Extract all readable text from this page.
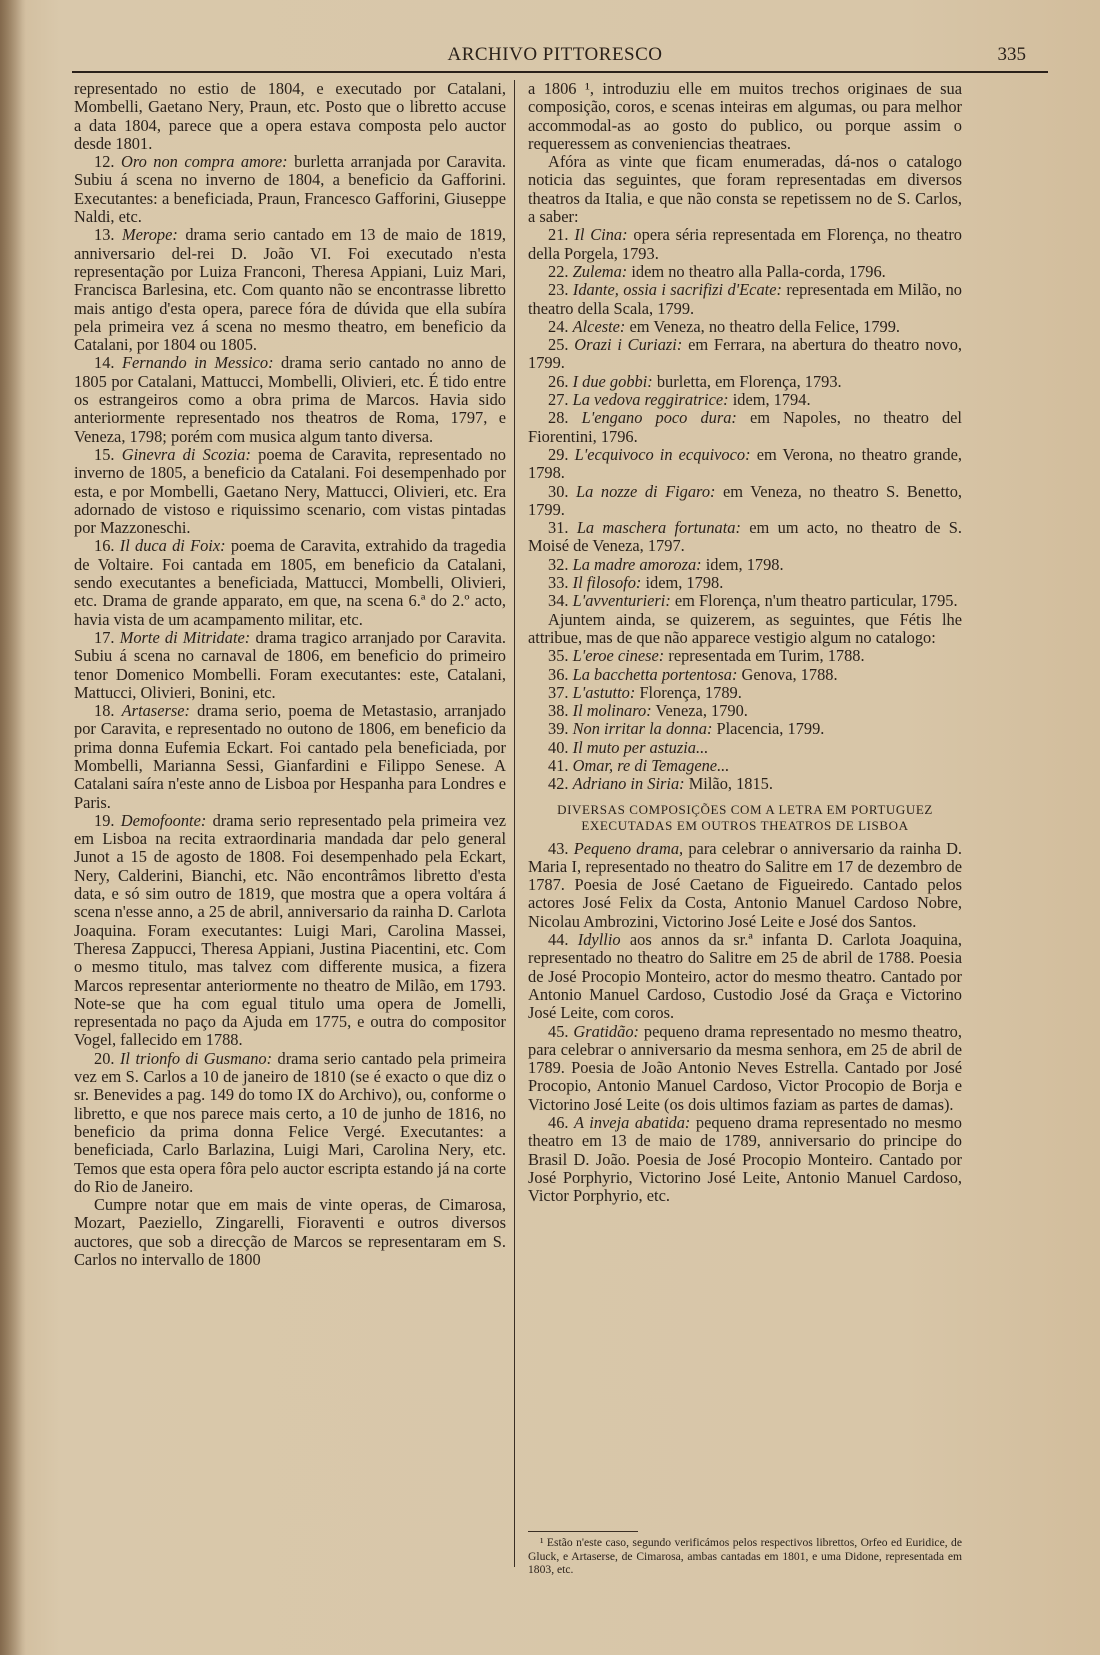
ARCHIVO PITTORESCO	335

representado no estio de 1804, e executado por Catalani, Mombelli, Gaetano Nery, Praun, etc. Posto que o libretto accuse a data 1804, parece que a opera estava composta pelo auctor desde 1801.

12. Oro non compra amore: burletta arranjada por Caravita. Subiu á scena no inverno de 1804, a beneficio da Gafforini. Executantes: a beneficiada, Praun, Francesco Gafforini, Giuseppe Naldi, etc.

13. Merope: drama serio cantado em 13 de maio de 1819, anniversario del-rei D. João VI. Foi executado n'esta representação por Luiza Franconi, Theresa Appiani, Luiz Mari, Francisca Barlesina, etc. Com quanto não se encontrasse libretto mais antigo d'esta opera, parece fóra de dúvida que ella subíra pela primeira vez á scena no mesmo theatro, em beneficio da Catalani, por 1804 ou 1805.

14. Fernando in Messico: drama serio cantado no anno de 1805 por Catalani, Mattucci, Mombelli, Olivieri, etc. É tido entre os estrangeiros como a obra prima de Marcos. Havia sido anteriormente representado nos theatros de Roma, 1797, e Veneza, 1798; porém com musica algum tanto diversa.

15. Ginevra di Scozia: poema de Caravita, representado no inverno de 1805, a beneficio da Catalani. Foi desempenhado por esta, e por Mombelli, Gaetano Nery, Mattucci, Olivieri, etc. Era adornado de vistoso e riquissimo scenario, com vistas pintadas por Mazzoneschi.

16. Il duca di Foix: poema de Caravita, extrahido da tragedia de Voltaire. Foi cantada em 1805, em beneficio da Catalani, sendo executantes a beneficiada, Mattucci, Mombelli, Olivieri, etc. Drama de grande apparato, em que, na scena 6.ª do 2.º acto, havia vista de um acampamento militar, etc.

17. Morte di Mitridate: drama tragico arranjado por Caravita. Subiu á scena no carnaval de 1806, em beneficio do primeiro tenor Domenico Mombelli. Foram executantes: este, Catalani, Mattucci, Olivieri, Bonini, etc.

18. Artaserse: drama serio, poema de Metastasio, arranjado por Caravita, e representado no outono de 1806, em beneficio da prima donna Eufemia Eckart. Foi cantado pela beneficiada, por Mombelli, Marianna Sessi, Gianfardini e Filippo Senese. A Catalani saíra n'este anno de Lisboa por Hespanha para Londres e Paris.

19. Demofoonte: drama serio representado pela primeira vez em Lisboa na recita extraordinaria mandada dar pelo general Junot a 15 de agosto de 1808. Foi desempenhado pela Eckart, Nery, Calderini, Bianchi, etc. Não encontrâmos libretto d'esta data, e só sim outro de 1819, que mostra que a opera voltára á scena n'esse anno, a 25 de abril, anniversario da rainha D. Carlota Joaquina. Foram executantes: Luigi Mari, Carolina Massei, Theresa Zappucci, Theresa Appiani, Justina Piacentini, etc. Com o mesmo titulo, mas talvez com differente musica, a fizera Marcos representar anteriormente no theatro de Milão, em 1793. Note-se que ha com egual titulo uma opera de Jomelli, representada no paço da Ajuda em 1775, e outra do compositor Vogel, fallecido em 1788.

20. Il trionfo di Gusmano: drama serio cantado pela primeira vez em S. Carlos a 10 de janeiro de 1810 (se é exacto o que diz o sr. Benevides a pag. 149 do tomo IX do Archivo), ou, conforme o libretto, e que nos parece mais certo, a 10 de junho de 1816, no beneficio da prima donna Felice Vergé. Executantes: a beneficiada, Carlo Barlazina, Luigi Mari, Carolina Nery, etc. Temos que esta opera fôra pelo auctor escripta estando já na corte do Rio de Janeiro.

Cumpre notar que em mais de vinte operas, de Cimarosa, Mozart, Paeziello, Zingarelli, Fioraventi e outros diversos auctores, que sob a direcção de Marcos se representaram em S. Carlos no intervallo de 1800

a 1806 ¹, introduziu elle em muitos trechos originaes de sua composição, coros, e scenas inteiras em algumas, ou para melhor accommodal-as ao gosto do publico, ou porque assim o requeressem as conveniencias theatraes.

Afóra as vinte que ficam enumeradas, dá-nos o catalogo noticia das seguintes, que foram representadas em diversos theatros da Italia, e que não consta se repetissem no de S. Carlos, a saber:

21. Il Cina: opera séria representada em Florença, no theatro della Porgela, 1793.

22. Zulema: idem no theatro alla Palla-corda, 1796.

23. Idante, ossia i sacrifizi d'Ecate: representada em Milão, no theatro della Scala, 1799.

24. Alceste: em Veneza, no theatro della Felice, 1799.

25. Orazi i Curiazi: em Ferrara, na abertura do theatro novo, 1799.

26. I due gobbi: burletta, em Florença, 1793.

27. La vedova reggiratrice: idem, 1794.

28. L'engano poco dura: em Napoles, no theatro del Fiorentini, 1796.

29. L'ecquivoco in ecquivoco: em Verona, no theatro grande, 1798.

30. La nozze di Figaro: em Veneza, no theatro S. Benetto, 1799.

31. La maschera fortunata: em um acto, no theatro de S. Moisé de Veneza, 1797.

32. La madre amoroza: idem, 1798.

33. Il filosofo: idem, 1798.

34. L'avventurieri: em Florença, n'um theatro particular, 1795.

Ajuntem ainda, se quizerem, as seguintes, que Fétis lhe attribue, mas de que não apparece vestigio algum no catalogo:

35. L'eroe cinese: representada em Turim, 1788.

36. La bacchetta portentosa: Genova, 1788.

37. L'astutto: Florença, 1789.

38. Il molinaro: Veneza, 1790.

39. Non irritar la donna: Placencia, 1799.

40. Il muto per astuzia...

41. Omar, re di Temagene...

42. Adriano in Siria: Milão, 1815.

DIVERSAS COMPOSIÇÕES COM A LETRA EM PORTUGUEZ EXECUTADAS EM OUTROS THEATROS DE LISBOA

43. Pequeno drama, para celebrar o anniversario da rainha D. Maria I, representado no theatro do Salitre em 17 de dezembro de 1787. Poesia de José Caetano de Figueiredo. Cantado pelos actores José Felix da Costa, Antonio Manuel Cardoso Nobre, Nicolau Ambrozini, Victorino José Leite e José dos Santos.

44. Idyllio aos annos da sr.ª infanta D. Carlota Joaquina, representado no theatro do Salitre em 25 de abril de 1788. Poesia de José Procopio Monteiro, actor do mesmo theatro. Cantado por Antonio Manuel Cardoso, Custodio José da Graça e Victorino José Leite, com coros.

45. Gratidão: pequeno drama representado no mesmo theatro, para celebrar o anniversario da mesma senhora, em 25 de abril de 1789. Poesia de João Antonio Neves Estrella. Cantado por José Procopio, Antonio Manuel Cardoso, Victor Procopio de Borja e Victorino José Leite (os dois ultimos faziam as partes de damas).

46. A inveja abatida: pequeno drama representado no mesmo theatro em 13 de maio de 1789, anniversario do principe do Brasil D. João. Poesia de José Procopio Monteiro. Cantado por José Porphyrio, Victorino José Leite, Antonio Manuel Cardoso, Victor Porphyrio, etc.

¹ Estão n'este caso, segundo verificámos pelos respectivos librettos, Orfeo ed Euridice, de Gluck, e Artaserse, de Cimarosa, ambas cantadas em 1801, e uma Didone, representada em 1803, etc.
